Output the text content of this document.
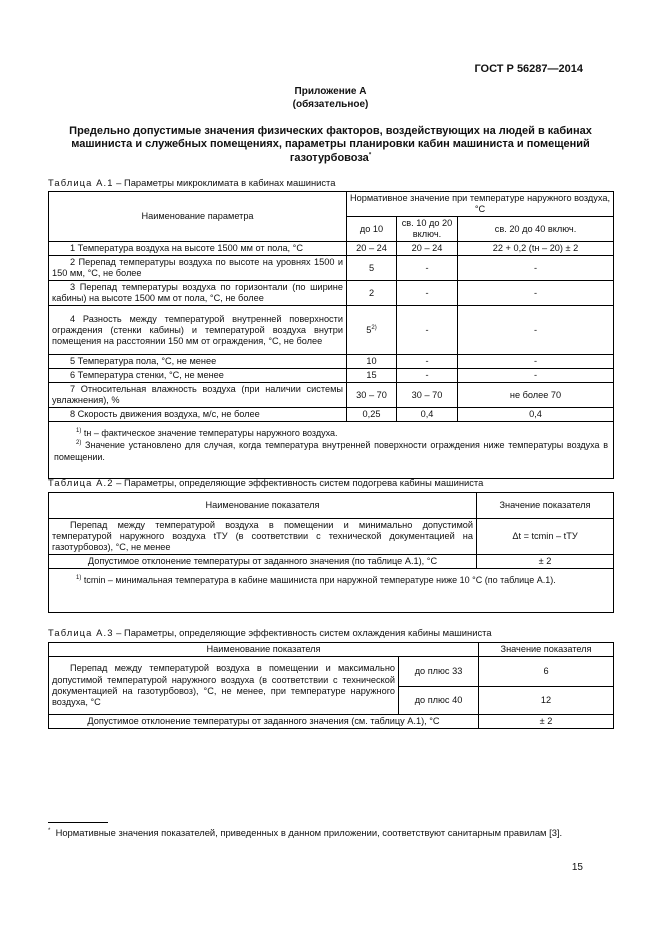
ГОСТ Р 56287—2014
Приложение А
(обязательное)
Предельно допустимые значения физических факторов, воздействующих на людей в кабинах машиниста и служебных помещениях, параметры планировки кабин машиниста и помещений газотурбовоза*
Таблица А.1 – Параметры микроклимата в кабинах машиниста
Наименование параметра	Нормативное значение при температуре наружного воздуха, °С		
	до 10	св. 10 до 20 включ.	св. 20 до 40 включ.
1 Температура воздуха на высоте 1500 мм от пола, °С	20 – 24	20 – 24	22 + 0,2 (tн – 20) ± 2
2 Перепад температуры воздуха по высоте на уровнях 1500 и 150 мм, °С, не более	5	-	-
3 Перепад температуры воздуха по горизонтали (по ширине кабины) на высоте 1500 мм от пола, °С, не более	2	-	-
4 Разность между температурой внутренней поверхности ограждения (стенки кабины) и температурой воздуха внутри помещения на расстоянии 150 мм от ограждения, °С, не более	5$^{2)}$	-	-
5 Температура пола, °С, не менее	10	-	-
6 Температура стенки, °С, не менее	15	-	-
7 Относительная влажность воздуха (при наличии системы увлажнения), %	30 – 70	30 – 70	не более 70
8 Скорость движения воздуха, м/с, не более	0,25	0,4	0,4

$^{1)}$ tн – фактическое значение температуры наружного воздуха.
$^{2)}$ Значение установлено для случая, когда температура внутренней поверхности ограждения ниже температуры воздуха в помещении.			
Таблица А.2 – Параметры, определяющие эффективность систем подогрева кабины машиниста
Наименование показателя	Значение показателя
Перепад между температурой воздуха в помещении и минимально допустимой температурой наружного воздуха tТУ (в соответствии с технической документацией на газотурбовоз), °С, не менее	Δt = tсmin – tТУ
Допустимое отклонение температуры от заданного значения (по таблице А.1), °С	± 2

$^{1)}$ tсmin – минимальная температура в кабине машиниста при наружной температуре ниже 10 °С (по таблице А.1).	
Таблица А.3 – Параметры, определяющие эффективность систем охлаждения кабины машиниста
Наименование показателя		Значение показателя
Перепад между температурой воздуха в помещении и максимально допустимой температурой наружного воздуха (в соответствии с технической документацией на газотурбовоз), °С, не менее, при температуре наружного воздуха, °С	до плюс 33	6
	до плюс 40	12
Допустимое отклонение температуры от заданного значения (см. таблицу А.1), °С		± 2
* Нормативные значения показателей, приведенных в данном приложении, соответствуют санитарным правилам [3].
15
